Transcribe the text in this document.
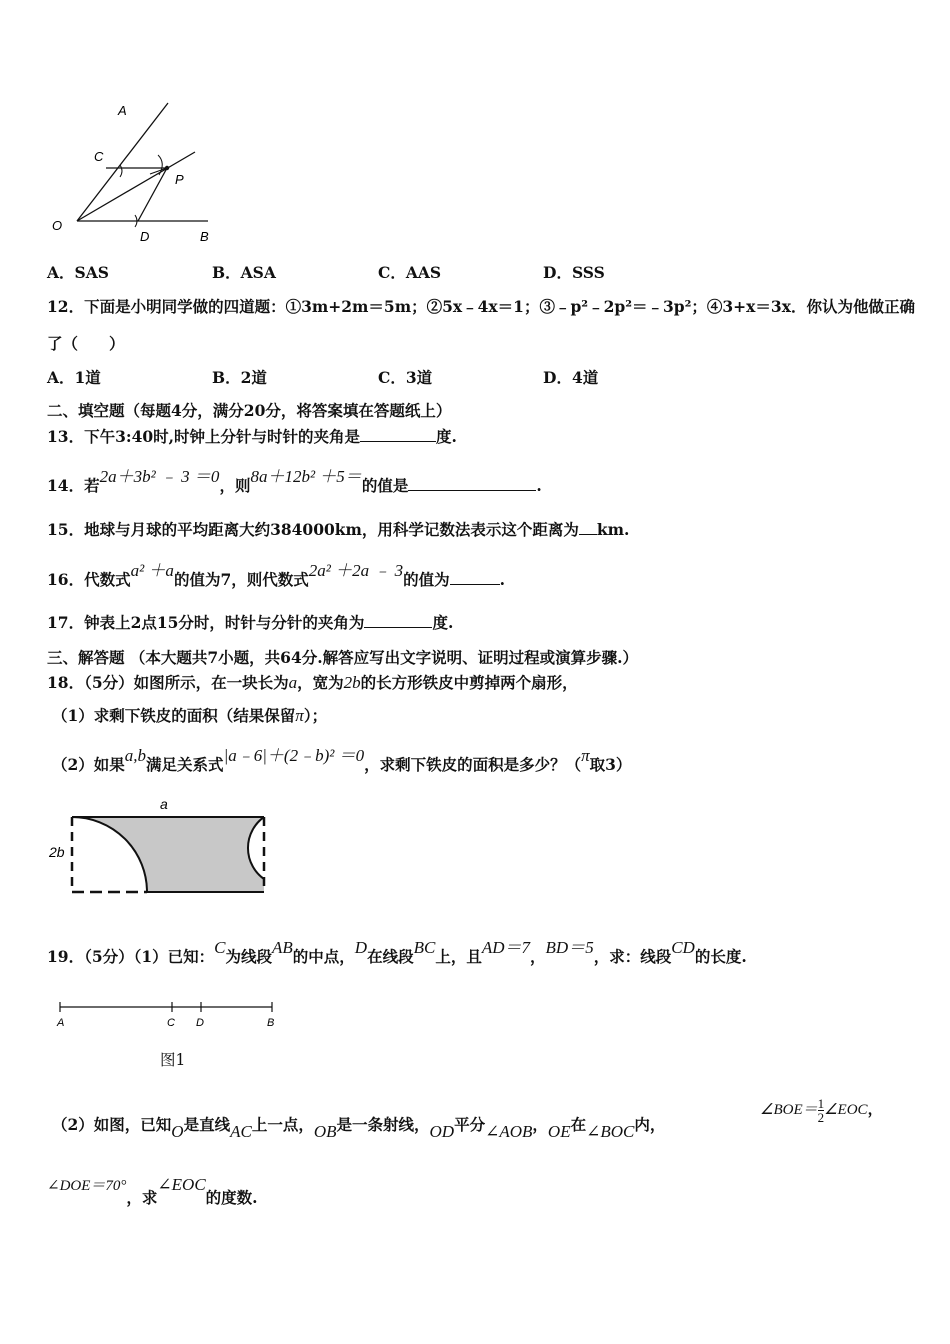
A
C
P
O
D	B
A．SAS	B．ASA	C．AAS	D．SSS
12．下面是小明同学做的四道题：①3m+2m＝5m；②5x﹣4x＝1；③﹣p²﹣2p²＝﹣3p²；④3+x＝3x．你认为他做正确
了（　　）
A．1道	B．2道	C．3道	D．4道
二、填空题（每题4分，满分20分，将答案填在答题纸上）
13．下午3:40时,时钟上分针与时针的夹角是	度.
14．若2a＋3b² ﹣ 3 ＝0，则8a＋12b² ＋5＝的值是	.
15．地球与月球的平均距离大约384000km，用科学记数法表示这个距离为 km.
16．代数式a² ＋a的值为7，则代数式2a² ＋2a ﹣ 3的值为	.
17．钟表上2点15分时，时针与分针的夹角为	度.
三、解答题 （本大题共7小题，共64分.解答应写出文字说明、证明过程或演算步骤.）
18．（5分）如图所示，在一块长为a，宽为2b的长方形铁皮中剪掉两个扇形，
（1）求剩下铁皮的面积（结果保留π）；
（2）如果a,b满足关系式|a﹣6|＋(2﹣b)² ＝0，求剩下铁皮的面积是多少？（π取3）
a
2b
19．（5分）（1）已知：C为线段AB的中点，D在线段BC上，且AD＝7，BD＝5，求：线段CD的长度.
A	C D	B
图1
（2）如图，已知O是直线AC上一点，OB是一条射线，OD平分∠AOB，OE在∠BOC内，
∠BOE＝ $\frac{1}{2}$ ∠EOC，
∠DOE＝70°，求∠EOC的度数.
